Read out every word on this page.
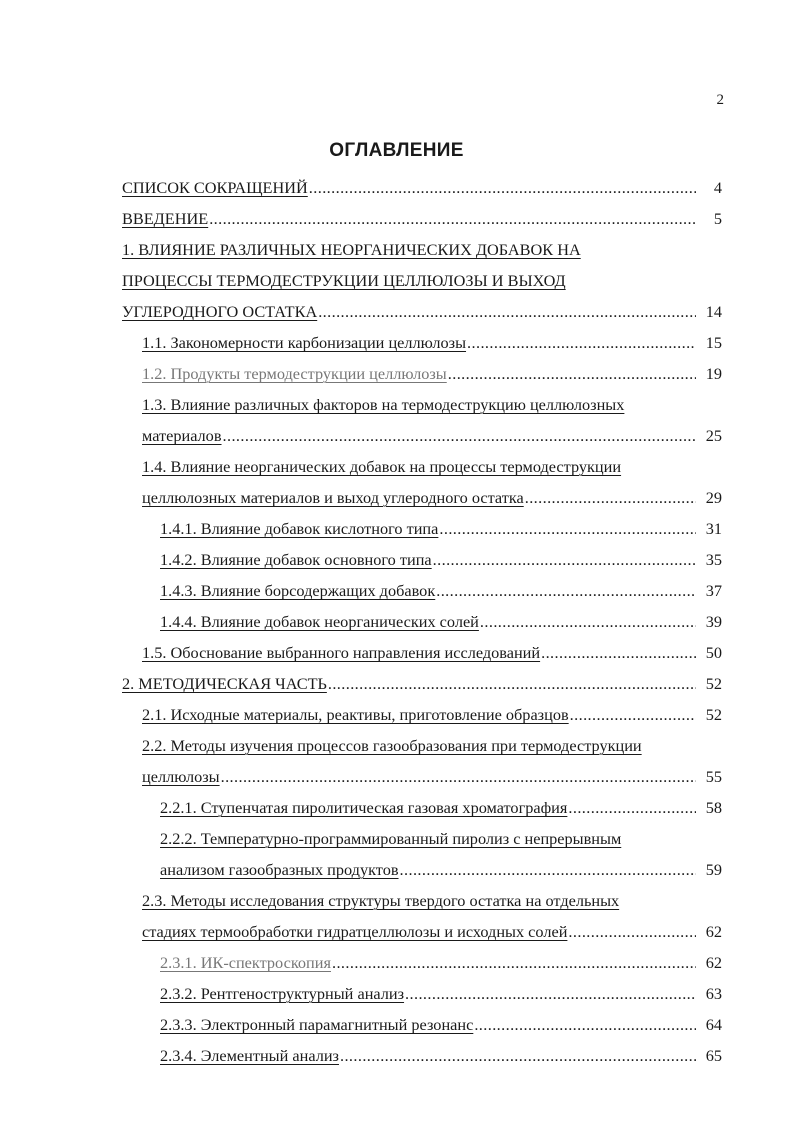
2
ОГЛАВЛЕНИЕ
СПИСОК СОКРАЩЕНИЙ .....	4
ВВЕДЕНИЕ .....	5
1. ВЛИЯНИЕ РАЗЛИЧНЫХ НЕОРГАНИЧЕСКИХ ДОБАВОК НА
ПРОЦЕССЫ ТЕРМОДЕСТРУКЦИИ ЦЕЛЛЮЛОЗЫ И ВЫХОД
УГЛЕРОДНОГО ОСТАТКА .....	14
1.1. Закономерности карбонизации целлюлозы .....	15
1.2. Продукты термодеструкции целлюлозы .....	19
1.3. Влияние различных факторов на термодеструкцию целлюлозных
материалов .....	25
1.4. Влияние неорганических добавок на процессы термодеструкции
целлюлозных материалов и выход углеродного остатка .....	29
1.4.1. Влияние добавок кислотного типа .....	31
1.4.2. Влияние добавок основного типа .....	35
1.4.3. Влияние борсодержащих добавок .....	37
1.4.4. Влияние добавок неорганических солей .....	39
1.5. Обоснование выбранного направления исследований .....	50
2. МЕТОДИЧЕСКАЯ ЧАСТЬ .....	52
2.1. Исходные материалы, реактивы, приготовление образцов .....	52
2.2. Методы изучения процессов газообразования при термодеструкции
целлюлозы .....	55
2.2.1. Ступенчатая пиролитическая газовая хроматография .....	58
2.2.2. Температурно-программированный пиролиз с непрерывным
анализом газообразных продуктов .....	59
2.3. Методы исследования структуры твердого остатка на отдельных
стадиях термообработки гидратцеллюлозы и исходных солей .....	62
2.3.1. ИК-спектроскопия .....	62
2.3.2. Рентгеноструктурный анализ .....	63
2.3.3. Электронный парамагнитный резонанс .....	64
2.3.4. Элементный анализ .....	65
